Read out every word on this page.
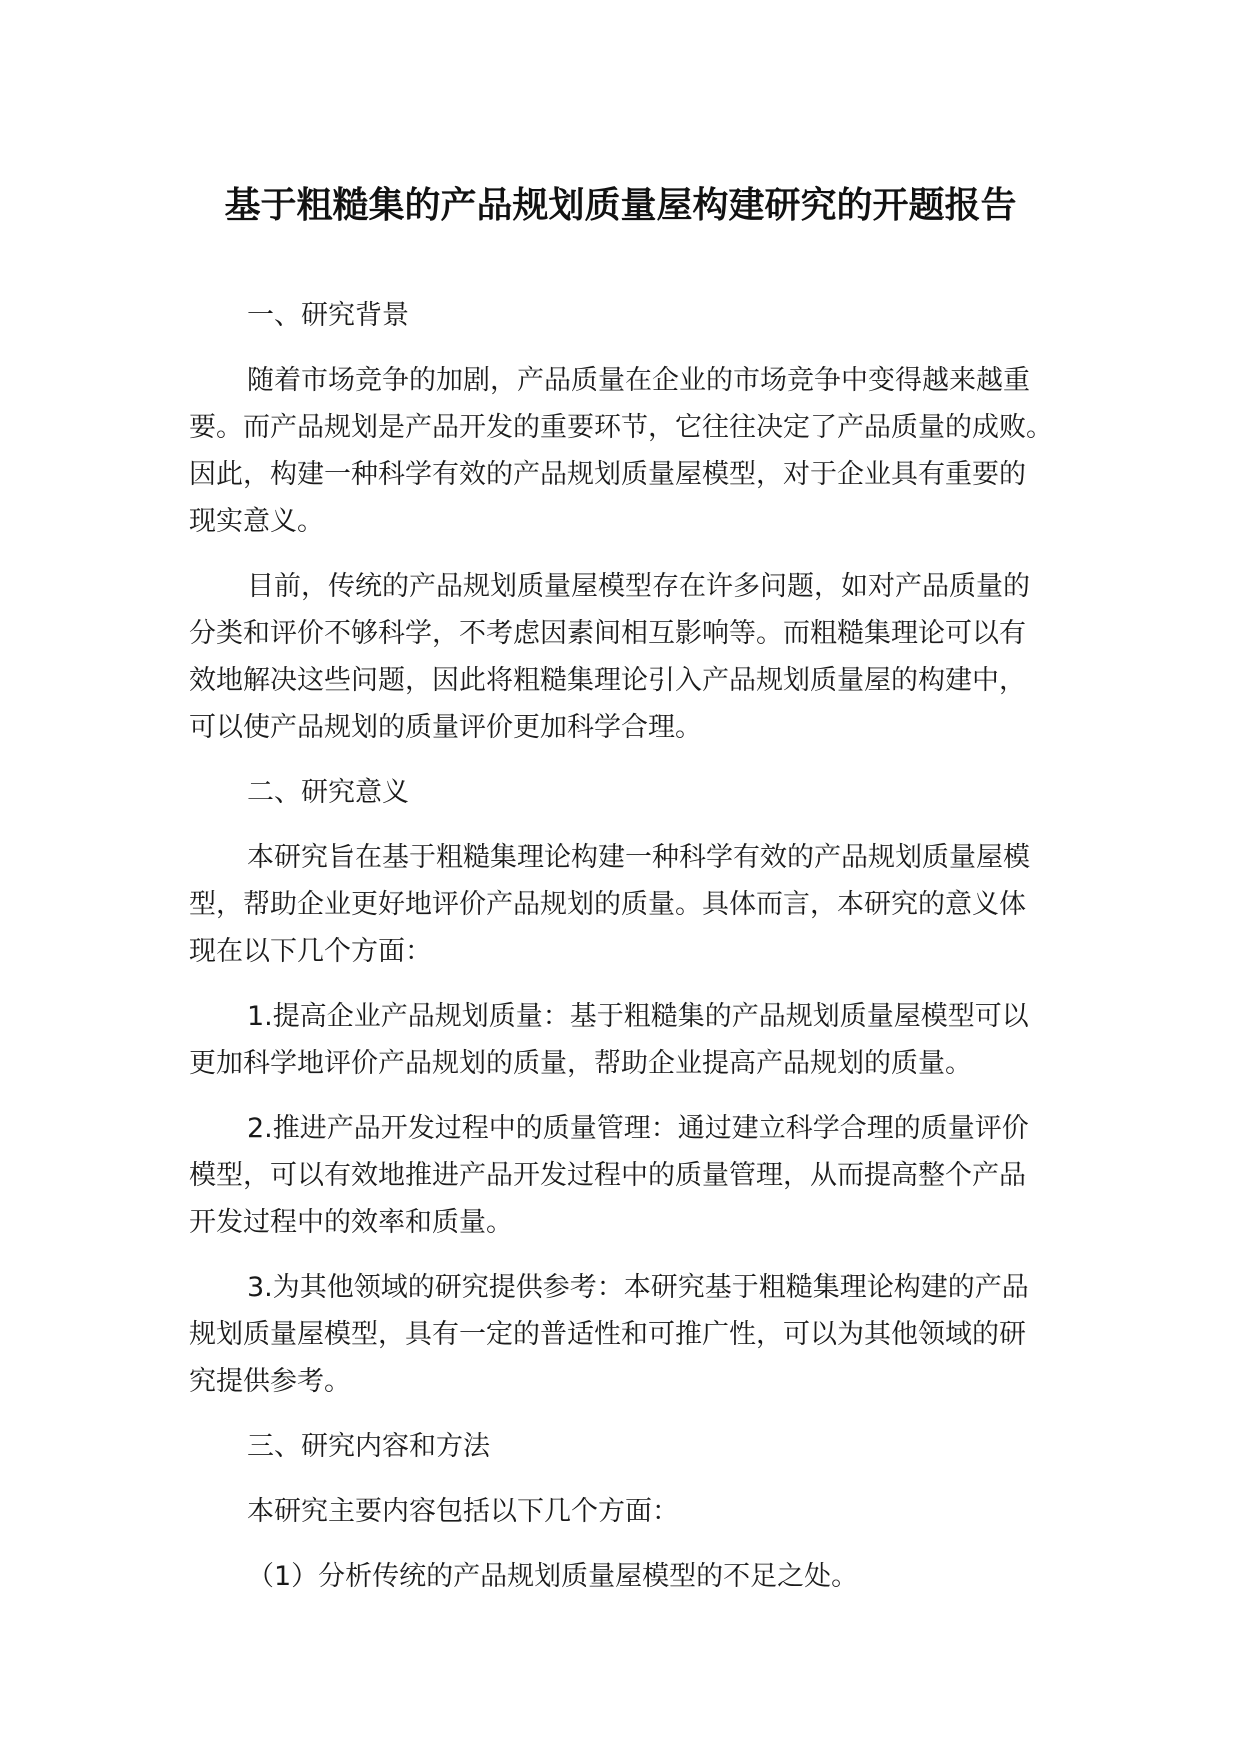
基于粗糙集的产品规划质量屋构建研究的开题报告
一、研究背景
随着市场竞争的加剧，产品质量在企业的市场竞争中变得越来越重
要。而产品规划是产品开发的重要环节，它往往决定了产品质量的成败。
因此，构建一种科学有效的产品规划质量屋模型，对于企业具有重要的
现实意义。
目前，传统的产品规划质量屋模型存在许多问题，如对产品质量的
分类和评价不够科学，不考虑因素间相互影响等。而粗糙集理论可以有
效地解决这些问题，因此将粗糙集理论引入产品规划质量屋的构建中，
可以使产品规划的质量评价更加科学合理。
二、研究意义
本研究旨在基于粗糙集理论构建一种科学有效的产品规划质量屋模
型，帮助企业更好地评价产品规划的质量。具体而言，本研究的意义体
现在以下几个方面：
1.提高企业产品规划质量：基于粗糙集的产品规划质量屋模型可以
更加科学地评价产品规划的质量，帮助企业提高产品规划的质量。
2.推进产品开发过程中的质量管理：通过建立科学合理的质量评价
模型，可以有效地推进产品开发过程中的质量管理，从而提高整个产品
开发过程中的效率和质量。
3.为其他领域的研究提供参考：本研究基于粗糙集理论构建的产品
规划质量屋模型，具有一定的普适性和可推广性，可以为其他领域的研
究提供参考。
三、研究内容和方法
本研究主要内容包括以下几个方面：
（1）分析传统的产品规划质量屋模型的不足之处。
